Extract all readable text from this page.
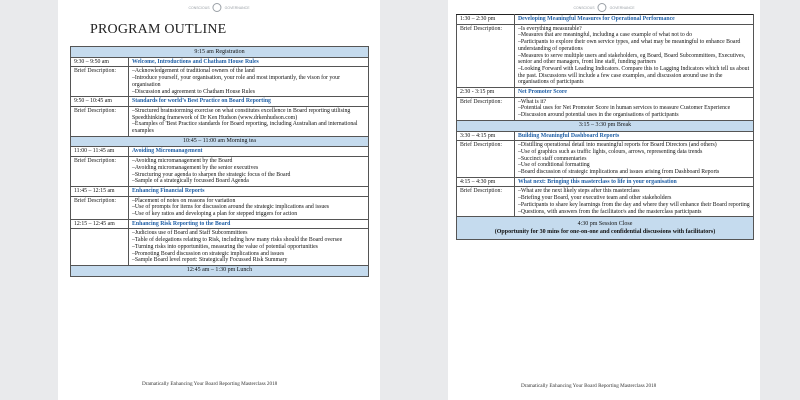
CONSCIOUS	GOVERNANCE
PROGRAM OUTLINE
9:15 am Registration	
9:30 – 9:50 am	Welcome, Introductions and Chatham House Rules
Brief Description:	–Acknowledgement of traditional owners of the land
–Introduce yourself, your organisation, your role and most importantly, the vison for your organisation
–Discussion and agreement to Chatham House Rules

9:50 – 10:45 am	Standards for world’s Best Practice on Board Reporting
Brief Description:	–Structured brainstorming exercise on what constitutes excellence in Board reporting utilising Speedthinking framework of Dr Ken Hudson (www.drkenhudson.com)
–Examples of 'Best Practice standards for Board reporting, including Australian and international examples

10:45 – 11:00 am Morning tea	
11:00 – 11:45 am	Avoiding Micromanagement
Brief Description:	–Avoiding micromanagement by the Board
–Avoiding micromanagement by the senior executives
–Structuring your agenda to sharpen the strategic focus of the Board
–Sample of a strategically focussed Board Agenda

11:45 – 12:15 am	Enhancing Financial Reports
Brief Description:	–Placement of notes on reasons for variation
–Use of prompts for items for discussion around the strategic implications and issues
–Use of key ratios and developing a plan for stepped triggers for action

12:15 – 12:45 am	Enhancing Risk Reporting to the Board

	–Judicious use of Board and Staff Subcommittees
–Table of delegations relating to Risk, including how many risks should the Board oversee
–Turning risks into opportunities, measuring the value of potential opportunities
–Promoting Board discussion on strategic implications and issues
–Sample Board level report: Strategically Focussed Risk Summary

12:45 am – 1:30 pm Lunch	
Dramatically Enhancing Your Board Reporting Masterclass 2018
CONSCIOUS	GOVERNANCE
1:30 – 2:30 pm	Developing Meaningful Measures for Operational Performance
Brief Description:	–Is everything measurable?
–Measures that are meaningful, including a case example of what not to do
–Participants to explore their own service types, and what may be meaningful to enhance Board understanding of operations
–Measures to serve multiple users and stakeholders, eg Board, Board Subcommittees, Executives, senior and other managers, front line staff, funding partners
–Looking Forward with Leading Indicators. Compare this to Lagging Indicators which tell us about the past. Discussions will include a few case examples, and discussion around use in the organisations of participants

2:30 - 3:15 pm	Net Promoter Score
Brief Description:	–What is it?
–Potential uses for Net Promoter Score in human services to measure Customer Experience
–Discussion around potential uses in the organisations of participants

3:15 – 3:30 pm Break	
3:30 – 4:15 pm	Building Meaningful Dashboard Reports
Brief Description:	–Distilling operational detail into meaningful reports for Board Directors (and others)
–Use of graphics such as traffic lights, colours, arrows, representing data trends
–Succinct staff commentaries
–Use of conditional formatting
–Board discussion of strategic implications and issues arising from Dashboard Reports

4:15 – 4:30 pm	What next: Bringing this masterclass to life in your organisation
Brief Description:	–What are the next likely steps after this masterclass
–Briefing your Board, your executive team and other stakeholders
–Participants to share key learnings from the day and where they will enhance their Board reporting
–Questions, with answers from the facilitator/s and the masterclass participants

4:30 pm Session Close
(Opportunity for 30 mins for one-on-one and confidential discussions with facilitators)	
Dramatically Enhancing Your Board Reporting Masterclass 2018
